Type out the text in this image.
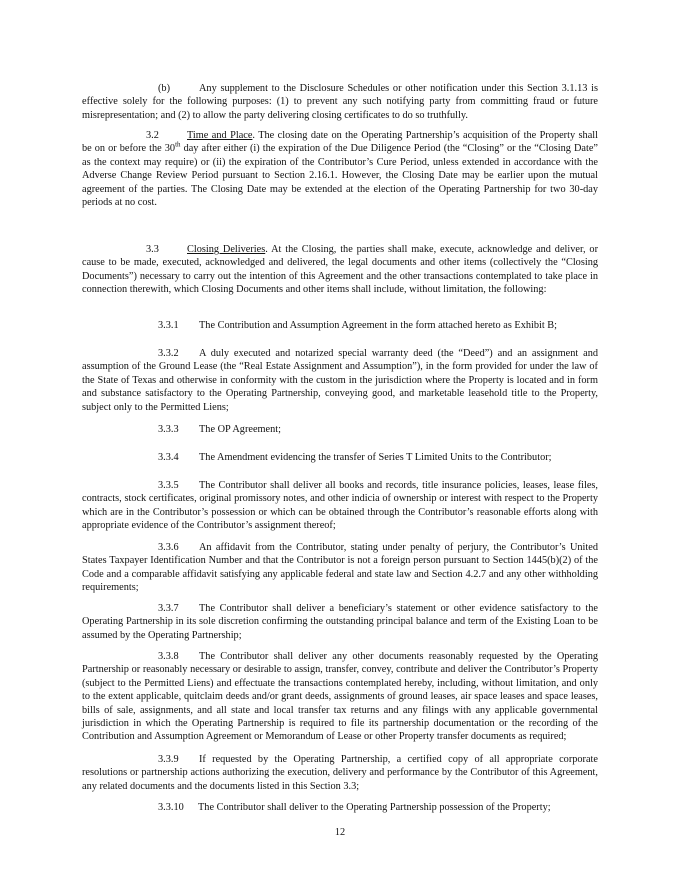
(b)	Any supplement to the Disclosure Schedules or other notification under this Section 3.1.13 is effective solely for the following purposes: (1) to prevent any such notifying party from committing fraud or future misrepresentation; and (2) to allow the party delivering closing certificates to do so truthfully.

3.2	Time and Place. The closing date on the Operating Partnership’s acquisition of the Property shall be on or before the 30th day after either (i) the expiration of the Due Diligence Period (the “Closing” or the “Closing Date” as the context may require) or (ii) the expiration of the Contributor’s Cure Period, unless extended in accordance with the Adverse Change Review Period pursuant to Section 2.16.1. However, the Closing Date may be earlier upon the mutual agreement of the parties. The Closing Date may be extended at the election of the Operating Partnership for two 30-day periods at no cost.

3.3	Closing Deliveries. At the Closing, the parties shall make, execute, acknowledge and deliver, or cause to be made, executed, acknowledged and delivered, the legal documents and other items (collectively the “Closing Documents”) necessary to carry out the intention of this Agreement and the other transactions contemplated to take place in connection therewith, which Closing Documents and other items shall include, without limitation, the following:

3.3.1 The Contribution and Assumption Agreement in the form attached hereto as Exhibit B;

3.3.2 A duly executed and notarized special warranty deed (the “Deed”) and an assignment and assumption of the Ground Lease (the “Real Estate Assignment and Assumption”), in the form provided for under the law of the State of Texas and otherwise in conformity with the custom in the jurisdiction where the Property is located and in form and substance satisfactory to the Operating Partnership, conveying good, and marketable leasehold title to the Property, subject only to the Permitted Liens;

3.3.3 The OP Agreement;

3.3.4 The Amendment evidencing the transfer of Series T Limited Units to the Contributor;

3.3.5 The Contributor shall deliver all books and records, title insurance policies, leases, lease files, contracts, stock certificates, original promissory notes, and other indicia of ownership or interest with respect to the Property which are in the Contributor’s possession or which can be obtained through the Contributor’s reasonable efforts along with appropriate evidence of the Contributor’s assignment thereof;

3.3.6 An affidavit from the Contributor, stating under penalty of perjury, the Contributor’s United States Taxpayer Identification Number and that the Contributor is not a foreign person pursuant to Section 1445(b)(2) of the Code and a comparable affidavit satisfying any applicable federal and state law and Section 4.2.7 and any other withholding requirements;

3.3.7 The Contributor shall deliver a beneficiary’s statement or other evidence satisfactory to the Operating Partnership in its sole discretion confirming the outstanding principal balance and term of the Existing Loan to be assumed by the Operating Partnership;

3.3.8 The Contributor shall deliver any other documents reasonably requested by the Operating Partnership or reasonably necessary or desirable to assign, transfer, convey, contribute and deliver the Contributor’s Property (subject to the Permitted Liens) and effectuate the transactions contemplated hereby, including, without limitation, and only to the extent applicable, quitclaim deeds and/or grant deeds, assignments of ground leases, air space leases and space leases, bills of sale, assignments, and all state and local transfer tax returns and any filings with any applicable governmental jurisdiction in which the Operating Partnership is required to file its partnership documentation or the recording of the Contribution and Assumption Agreement or Memorandum of Lease or other Property transfer documents as required;

3.3.9 If requested by the Operating Partnership, a certified copy of all appropriate corporate resolutions or partnership actions authorizing the execution, delivery and performance by the Contributor of this Agreement, any related documents and the documents listed in this Section 3.3;

3.3.10 The Contributor shall deliver to the Operating Partnership possession of the Property;

12
